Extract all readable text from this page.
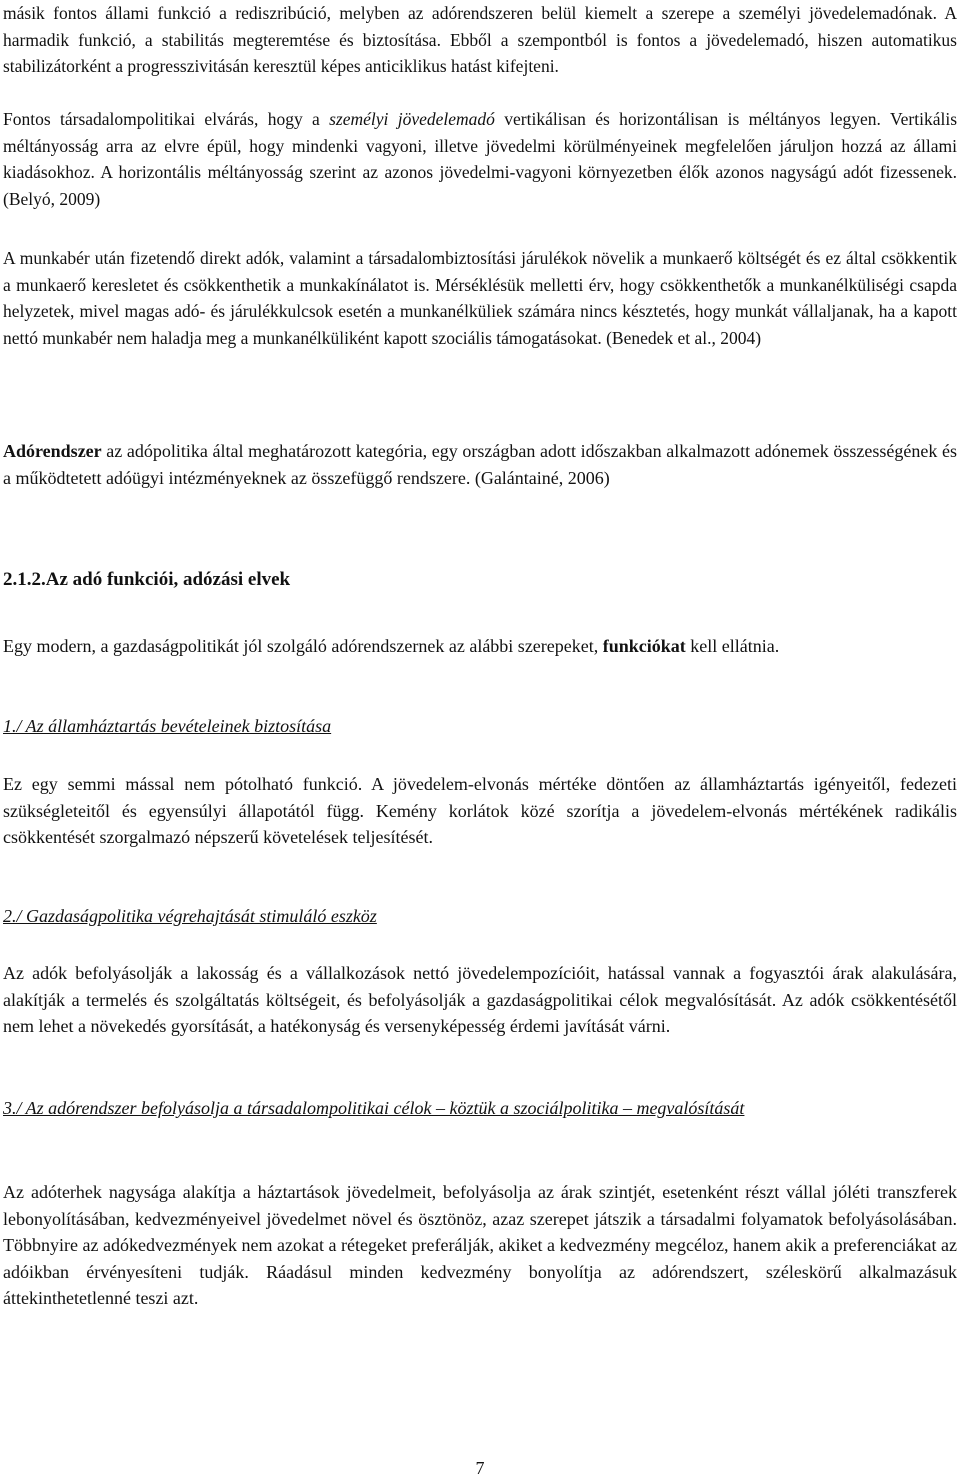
másik fontos állami funkció a rediszribúció, melyben az adórendszeren belül kiemelt a szerepe a személyi jövedelemadónak. A harmadik funkció, a stabilitás megteremtése és biztosítása. Ebből a szempontból is fontos a jövedelemadó, hiszen automatikus stabilizátorként a progresszivitásán keresztül képes anticiklikus hatást kifejteni.

Fontos társadalompolitikai elvárás, hogy a személyi jövedelemadó vertikálisan és horizontálisan is méltányos legyen. Vertikális méltányosság arra az elvre épül, hogy mindenki vagyoni, illetve jövedelmi körülményeinek megfelelően járuljon hozzá az állami kiadásokhoz. A horizontális méltányosság szerint az azonos jövedelmi-vagyoni környezetben élők azonos nagyságú adót fizessenek. (Belyó, 2009)

A munkabér után fizetendő direkt adók, valamint a társadalombiztosítási járulékok növelik a munkaerő költségét és ez által csökkentik a munkaerő keresletet és csökkenthetik a munkakínálatot is. Mérséklésük melletti érv, hogy csökkenthetők a munkanélküliségi csapda helyzetek, mivel magas adó- és járulékkulcsok esetén a munkanélküliek számára nincs késztetés, hogy munkát vállaljanak, ha a kapott nettó munkabér nem haladja meg a munkanélküliként kapott szociális támogatásokat. (Benedek et al., 2004)

Adórendszer az adópolitika által meghatározott kategória, egy országban adott időszakban alkalmazott adónemek összességének és a működtetett adóügyi intézményeknek az összefüggő rendszere. (Galántainé, 2006)

2.1.2.Az adó funkciói, adózási elvek

Egy modern, a gazdaságpolitikát jól szolgáló adórendszernek az alábbi szerepeket, funkciókat kell ellátnia.

1./ Az államháztartás bevételeinek biztosítása

Ez egy semmi mással nem pótolható funkció. A jövedelem-elvonás mértéke döntően az államháztartás igényeitől, fedezeti szükségleteitől és egyensúlyi állapotától függ. Kemény korlátok közé szorítja a jövedelem-elvonás mértékének radikális csökkentését szorgalmazó népszerű követelések teljesítését.

2./ Gazdaságpolitika végrehajtását stimuláló eszköz

Az adók befolyásolják a lakosság és a vállalkozások nettó jövedelempozícióit, hatással vannak a fogyasztói árak alakulására, alakítják a termelés és szolgáltatás költségeit, és befolyásolják a gazdaságpolitikai célok megvalósítását. Az adók csökkentésétől nem lehet a növekedés gyorsítását, a hatékonyság és versenyképesség érdemi javítását várni.

3./ Az adórendszer befolyásolja a társadalompolitikai célok – köztük a szociálpolitika – megvalósítását

Az adóterhek nagysága alakítja a háztartások jövedelmeit, befolyásolja az árak szintjét, esetenként részt vállal jóléti transzferek lebonyolításában, kedvezményeivel jövedelmet növel és ösztönöz, azaz szerepet játszik a társadalmi folyamatok befolyásolásában. Többnyire az adókedvezmények nem azokat a rétegeket preferálják, akiket a kedvezmény megcéloz, hanem akik a preferenciákat az adóikban érvényesíteni tudják. Ráadásul minden kedvezmény bonyolítja az adórendszert, széleskörű alkalmazásuk áttekinthetetlenné teszi azt.

7
